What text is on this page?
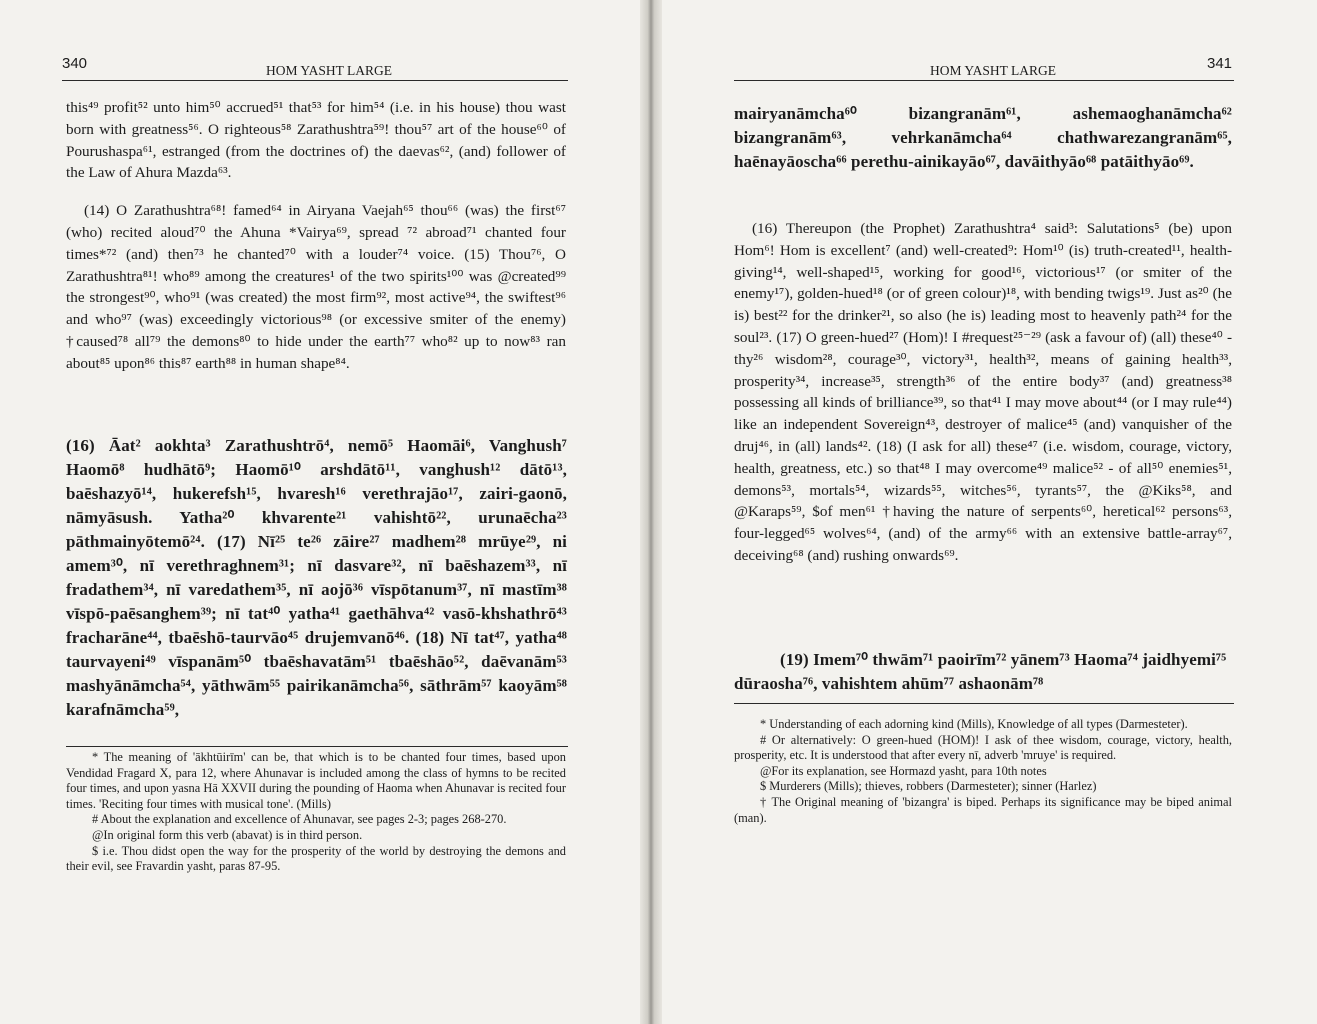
340	HOM YASHT LARGE

this⁴⁹ profit⁵² unto him⁵⁰ accrued⁵¹ that⁵³ for him⁵⁴ (i.e. in his house) thou wast born with greatness⁵⁶. O righteous⁵⁸ Zarathushtra⁵⁹! thou⁵⁷ art of the house⁶⁰ of Pourushaspa⁶¹, estranged (from the doctrines of) the daevas⁶², (and) follower of the Law of Ahura Mazda⁶³.

(14) O Zarathushtra⁶⁸! famed⁶⁴ in Airyana Vaejah⁶⁵ thou⁶⁶ (was) the first⁶⁷ (who) recited aloud⁷⁰ the Ahuna *Vairya⁶⁹, spread ⁷² abroad⁷¹ chanted four times*⁷² (and) then⁷³ he chanted⁷⁰ with a louder⁷⁴ voice. (15) Thou⁷⁶, O Zarathushtra⁸¹! who⁸⁹ among the creatures¹ of the two spirits¹⁰⁰ was @created⁹⁹ the strongest⁹⁰, who⁹¹ (was created) the most firm⁹², most active⁹⁴, the swiftest⁹⁶ and who⁹⁷ (was) exceedingly victorious⁹⁸ (or excessive smiter of the enemy) †caused⁷⁸ all⁷⁹ the demons⁸⁰ to hide under the earth⁷⁷ who⁸² up to now⁸³ ran about⁸⁵ upon⁸⁶ this⁸⁷ earth⁸⁸ in human shape⁸⁴.

(16) Āat² aokhta³ Zarathushtrō⁴, nemō⁵ Haomāi⁶, Vanghush⁷ Haomō⁸ hudhātō⁹; Haomō¹⁰ arshdātō¹¹, vanghush¹² dātō¹³, baēshazyō¹⁴, hukerefsh¹⁵, hvaresh¹⁶ verethrajāo¹⁷, zairi-gaonō, nāmyāsush. Yatha²⁰ khvarente²¹ vahishtō²², urunaēcha²³ pāthmainyōtemō²⁴. (17) Nī²⁵ te²⁶ zāire²⁷ madhem²⁸ mrūye²⁹, ni amem³⁰, nī verethraghnem³¹; nī dasvare³², nī baēshazem³³, nī fradathem³⁴, nī varedathem³⁵, nī aojō³⁶ vīspōtanum³⁷, nī mastīm³⁸ vīspō-paēsanghem³⁹; nī tat⁴⁰ yatha⁴¹ gaethāhva⁴² vasō-khshathrō⁴³ fracharāne⁴⁴, tbaēshō-taurvāo⁴⁵ drujemvanō⁴⁶. (18) Nī tat⁴⁷, yatha⁴⁸ taurvayeni⁴⁹ vīspanām⁵⁰ tbaēshavatām⁵¹ tbaēshāo⁵², daēvanām⁵³ mashyānāmcha⁵⁴, yāthwām⁵⁵ pairikanāmcha⁵⁶, sāthrām⁵⁷ kaoyām⁵⁸ karafnāmcha⁵⁹,

* The meaning of 'ākhtūirīm' can be, that which is to be chanted four times, based upon Vendidad Fragard X, para 12, where Ahunavar is included among the class of hymns to be recited four times, and upon yasna Hā XXVII during the pounding of Haoma when Ahunavar is recited four times. 'Reciting four times with musical tone'. (Mills)

# About the explanation and excellence of Ahunavar, see pages 2-3; pages 268-270.

@In original form this verb (abavat) is in third person.

$ i.e. Thou didst open the way for the prosperity of the world by destroying the demons and their evil, see Fravardin yasht, paras 87-95.

HOM YASHT LARGE	341
mairyanāmcha⁶⁰ bizangranām⁶¹, ashemaoghanāmcha⁶² bizangranām⁶³, vehrkanāmcha⁶⁴ chathwarezangranām⁶⁵, haēnayāoscha⁶⁶ perethu-ainikayāo⁶⁷, davāithyāo⁶⁸ patāithyāo⁶⁹.

(16) Thereupon (the Prophet) Zarathushtra⁴ said³: Salutations⁵ (be) upon Hom⁶! Hom is excellent⁷ (and) well-created⁹: Hom¹⁰ (is) truth-created¹¹, health-giving¹⁴, well-shaped¹⁵, working for good¹⁶, victorious¹⁷ (or smiter of the enemy¹⁷), golden-hued¹⁸ (or of green colour)¹⁸, with bending twigs¹⁹. Just as²⁰ (he is) best²² for the drinker²¹, so also (he is) leading most to heavenly path²⁴ for the soul²³. (17) O green-hued²⁷ (Hom)! I #request²⁵⁻²⁹ (ask a favour of) (all) these⁴⁰ - thy²⁶ wisdom²⁸, courage³⁰, victory³¹, health³², means of gaining health³³, prosperity³⁴, increase³⁵, strength³⁶ of the entire body³⁷ (and) greatness³⁸ possessing all kinds of brilliance³⁹, so that⁴¹ I may move about⁴⁴ (or I may rule⁴⁴) like an independent Sovereign⁴³, destroyer of malice⁴⁵ (and) vanquisher of the druj⁴⁶, in (all) lands⁴². (18) (I ask for all) these⁴⁷ (i.e. wisdom, courage, victory, health, greatness, etc.) so that⁴⁸ I may overcome⁴⁹ malice⁵² - of all⁵⁰ enemies⁵¹, demons⁵³, mortals⁵⁴, wizards⁵⁵, witches⁵⁶, tyrants⁵⁷, the @Kiks⁵⁸, and @Karaps⁵⁹, $of men⁶¹ †having the nature of serpents⁶⁰, heretical⁶² persons⁶³, four-legged⁶⁵ wolves⁶⁴, (and) of the army⁶⁶ with an extensive battle-array⁶⁷, deceiving⁶⁸ (and) rushing onwards⁶⁹.

(19) Imem⁷⁰ thwām⁷¹ paoirīm⁷² yānem⁷³ Haoma⁷⁴ jaidhyemi⁷⁵ dūraosha⁷⁶, vahishtem ahūm⁷⁷ ashaonām⁷⁸

* Understanding of each adorning kind (Mills), Knowledge of all types (Darmesteter).

# Or alternatively: O green-hued (HOM)! I ask of thee wisdom, courage, victory, health, prosperity, etc. It is understood that after every nī, adverb 'mruye' is required.

@For its explanation, see Hormazd yasht, para 10th notes

$ Murderers (Mills); thieves, robbers (Darmesteter); sinner (Harlez)

† The Original meaning of 'bizangra' is biped. Perhaps its significance may be biped animal (man).
